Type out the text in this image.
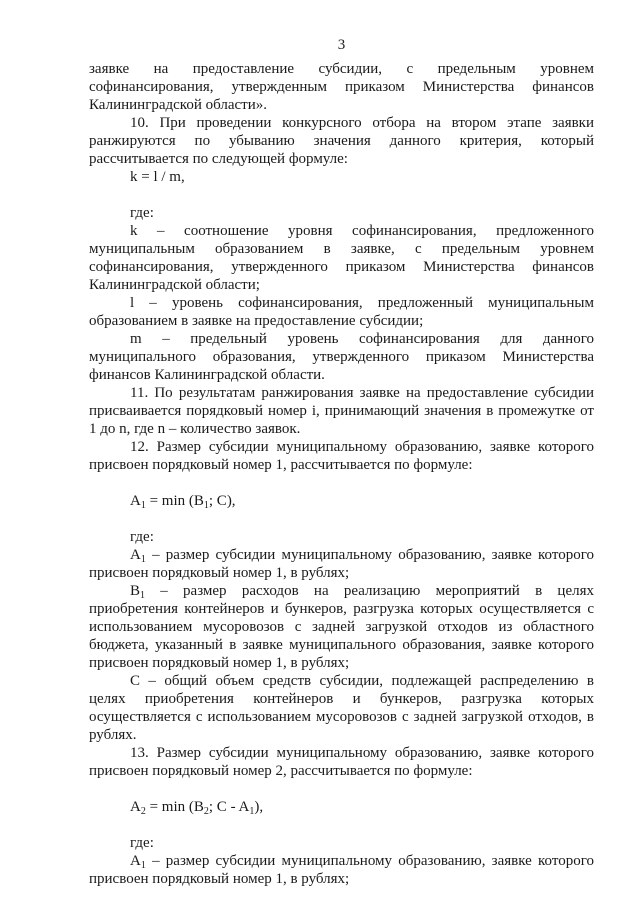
3

заявке на предоставление субсидии, с предельным уровнем софинансирования, утвержденным приказом Министерства финансов Калининградской области».

10. При проведении конкурсного отбора на втором этапе заявки ранжируются по убыванию значения данного критерия, который рассчитывается по следующей формуле:

k = l / m,

где:

k – соотношение уровня софинансирования, предложенного муниципальным образованием в заявке, с предельным уровнем софинансирования, утвержденного приказом Министерства финансов Калининградской области;

l – уровень софинансирования, предложенный муниципальным образованием в заявке на предоставление субсидии;

m – предельный уровень софинансирования для данного муниципального образования, утвержденного приказом Министерства финансов Калининградской области.

11. По результатам ранжирования заявке на предоставление субсидии присваивается порядковый номер i, принимающий значения в промежутке от 1 до n, где n – количество заявок.

12. Размер субсидии муниципальному образованию, заявке которого присвоен порядковый номер 1, рассчитывается по формуле:

$A_1 = \min (B_1$; C),

где:

$A_1$ – размер субсидии муниципальному образованию, заявке которого присвоен порядковый номер 1, в рублях;

$B_1$ – размер расходов на реализацию мероприятий в целях приобретения контейнеров и бункеров, разгрузка которых осуществляется с использованием мусоровозов с задней загрузкой отходов из областного бюджета, указанный в заявке муниципального образования, заявке которого присвоен порядковый номер 1, в рублях;

С – общий объем средств субсидии, подлежащей распределению в целях приобретения контейнеров и бункеров, разгрузка которых осуществляется с использованием мусоровозов с задней загрузкой отходов, в рублях.

13. Размер субсидии муниципальному образованию, заявке которого присвоен порядковый номер 2, рассчитывается по формуле:

$A_2 = \min (B_2$; C - $A_1$),

где:

$A_1$ – размер субсидии муниципальному образованию, заявке которого присвоен порядковый номер 1, в рублях;
